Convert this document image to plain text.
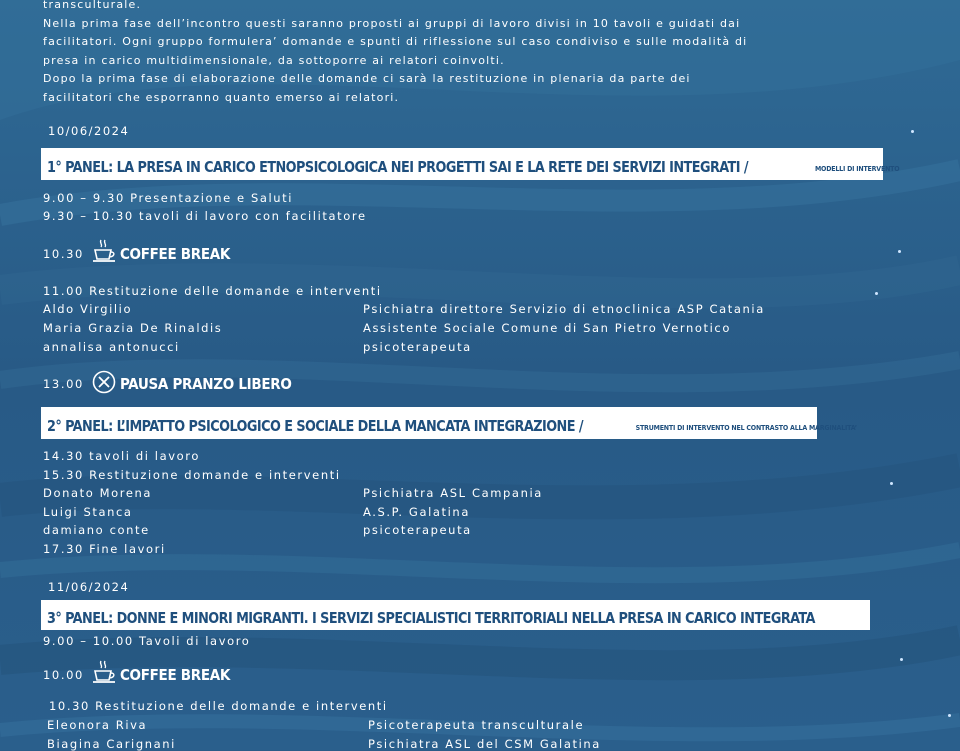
transculturale.
Nella prima fase dell’incontro questi saranno proposti ai gruppi di lavoro divisi in 10 tavoli e guidati dai
facilitatori. Ogni gruppo formulera’ domande e spunti di riflessione sul caso condiviso e sulle modalità di
presa in carico multidimensionale, da sottoporre ai relatori coinvolti.
Dopo la prima fase di elaborazione delle domande ci sarà la restituzione in plenaria da parte dei
facilitatori che esporranno quanto emerso ai relatori.
10/06/2024
1° PANEL: LA PRESA IN CARICO ETNOPSICOLOGICA NEI PROGETTI SAI E LA RETE DEI SERVIZI INTEGRATI /	MODELLI DI INTERVENTO
9.00 – 9.30 Presentazione e Saluti
9.30 – 10.30 tavoli di lavoro con facilitatore
10.30 COFFEE BREAK
11.00 Restituzione delle domande e interventi
Aldo Virgilio	Psichiatra direttore Servizio di etnoclinica ASP Catania
Maria Grazia De Rinaldis	Assistente Sociale Comune di San Pietro Vernotico
annalisa antonucci	psicoterapeuta
13.00 PAUSA PRANZO LIBERO
2° PANEL: L’IMPATTO PSICOLOGICO E SOCIALE DELLA MANCATA INTEGRAZIONE /	STRUMENTI DI INTERVENTO NEL CONTRASTO ALLA MARGINALITA’
14.30 tavoli di lavoro
15.30 Restituzione domande e interventi
Donato Morena	Psichiatra ASL Campania
Luigi Stanca	A.S.P. Galatina
damiano conte	psicoterapeuta
17.30 Fine lavori
11/06/2024
3° PANEL: DONNE E MINORI MIGRANTI. I SERVIZI SPECIALISTICI TERRITORIALI NELLA PRESA IN CARICO INTEGRATA
9.00 – 10.00 Tavoli di lavoro
10.00 COFFEE BREAK
10.30 Restituzione delle domande e interventi
Eleonora Riva	Psicoterapeuta transculturale
Biagina Carignani	Psichiatra ASL del CSM Galatina
